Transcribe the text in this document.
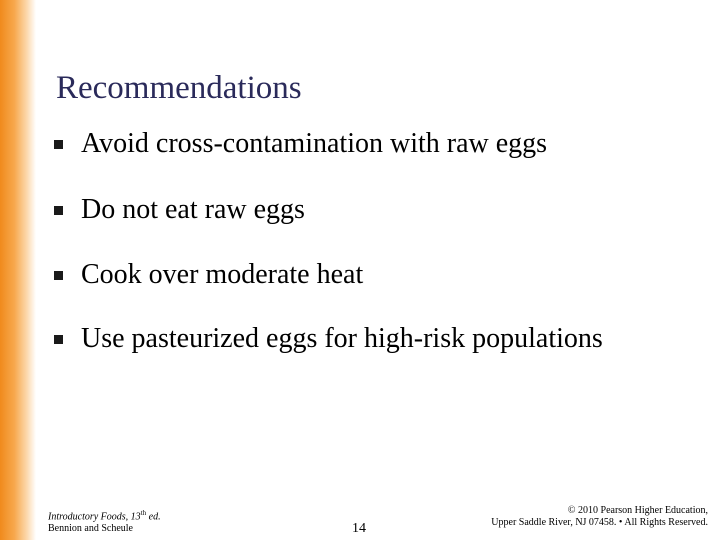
Recommendations
Avoid cross-contamination with raw eggs
Do not eat raw eggs
Cook over moderate heat
Use pasteurized eggs for high-risk populations
Introductory Foods, 13th ed.
Bennion and Scheule	14
© 2010 Pearson Higher Education,
Upper Saddle River, NJ 07458. • All Rights Reserved.
